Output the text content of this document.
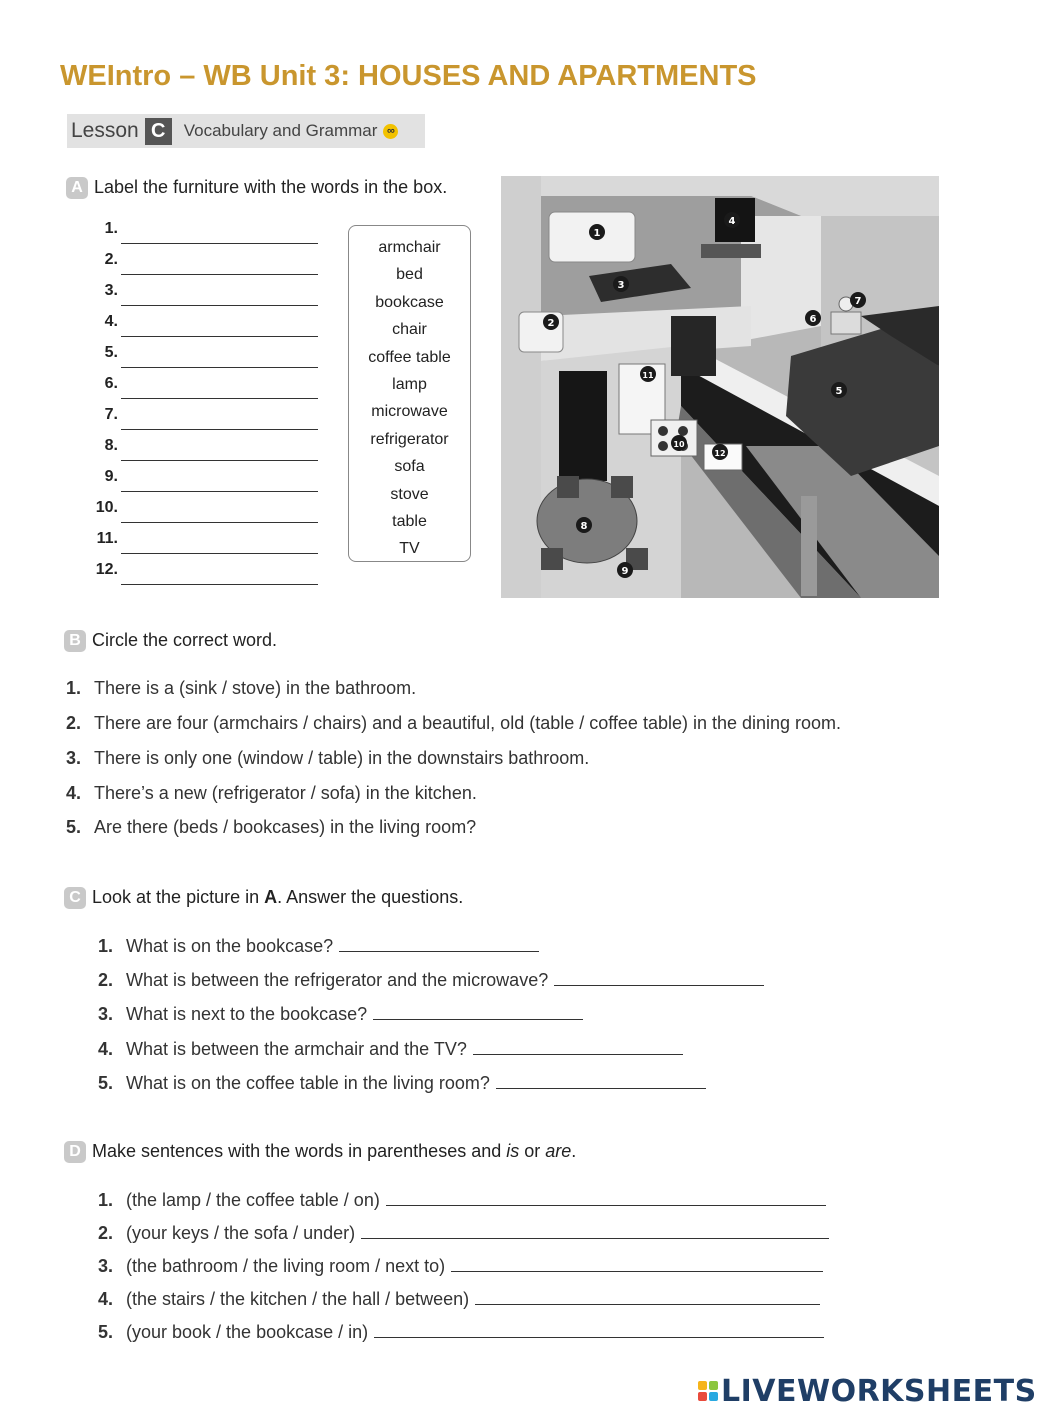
WEIntro – WB Unit 3: HOUSES AND APARTMENTS
Lesson C	Vocabulary and Grammar ∞
A Label the furniture with the words in the box.
1.
2.
3.
4.
5.
6.
7.
8.
9.
10.
11.
12.
armchair
bed
bookcase
chair
coffee table
lamp
microwave
refrigerator
sofa
stove
table
TV
1
2
3
4
5
6
7
8
9
10
11
12
B Circle the correct word.
1. There is a (sink / stove) in the bathroom.
2. There are four (armchairs / chairs) and a beautiful, old (table / coffee table) in the dining room.
3. There is only one (window / table) in the downstairs bathroom.
4. There’s a new (refrigerator / sofa) in the kitchen.
5. Are there (beds / bookcases) in the living room?
C Look at the picture in A. Answer the questions.
1. What is on the bookcase?
2. What is between the refrigerator and the microwave?
3. What is next to the bookcase?
4. What is between the armchair and the TV?
5. What is on the coffee table in the living room?
D Make sentences with the words in parentheses and is or are.
1. (the lamp / the coffee table / on)
2. (your keys / the sofa / under)
3. (the bathroom / the living room / next to)
4. (the stairs / the kitchen / the hall / between)
5. (your book / the bookcase / in)
LIVEWORKSHEETS
